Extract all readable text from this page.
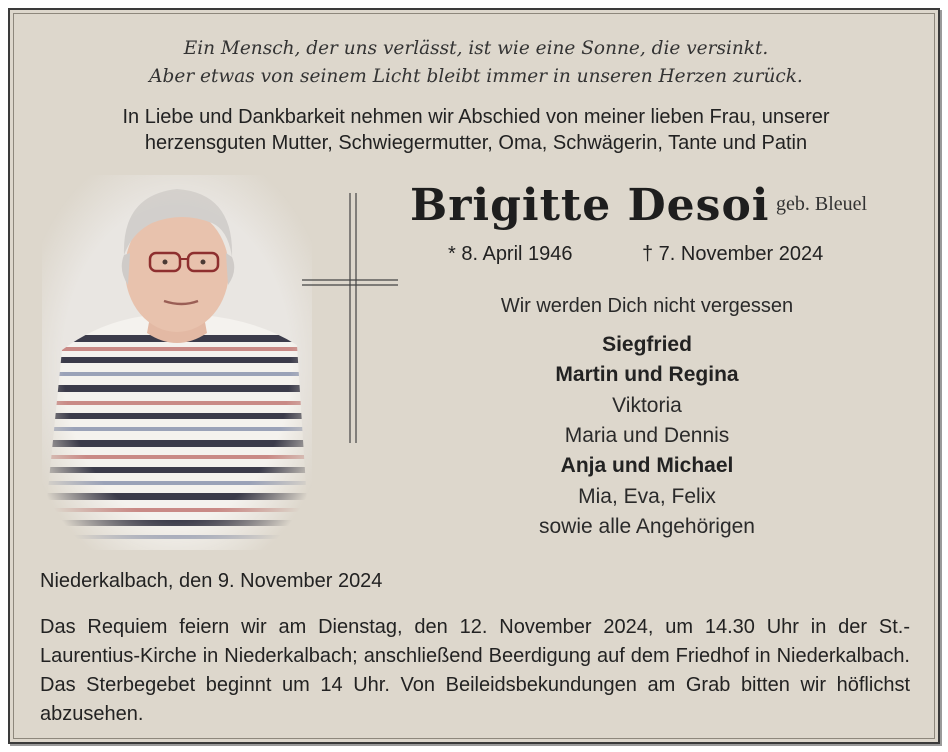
Ein Mensch, der uns verlässt, ist wie eine Sonne, die versinkt.
Aber etwas von seinem Licht bleibt immer in unseren Herzen zurück.
In Liebe und Dankbarkeit nehmen wir Abschied von meiner lieben Frau, unserer
herzensguten Mutter, Schwiegermutter, Oma, Schwägerin, Tante und Patin
Brigitte Desoi geb. Bleuel
* 8. April 1946	† 7. November 2024
Wir werden Dich nicht vergessen
Siegfried
Martin und Regina
Viktoria
Maria und Dennis
Anja und Michael
Mia, Eva, Felix
sowie alle Angehörigen
Niederkalbach, den 9. November 2024
Das Requiem feiern wir am Dienstag, den 12. November 2024, um 14.30 Uhr in der St.-Laurentius-Kirche in Niederkalbach; anschließend Beerdigung auf dem Friedhof in Niederkalbach. Das Sterbegebet beginnt um 14 Uhr. Von Beileidsbekundungen am Grab bitten wir höflichst abzusehen.
